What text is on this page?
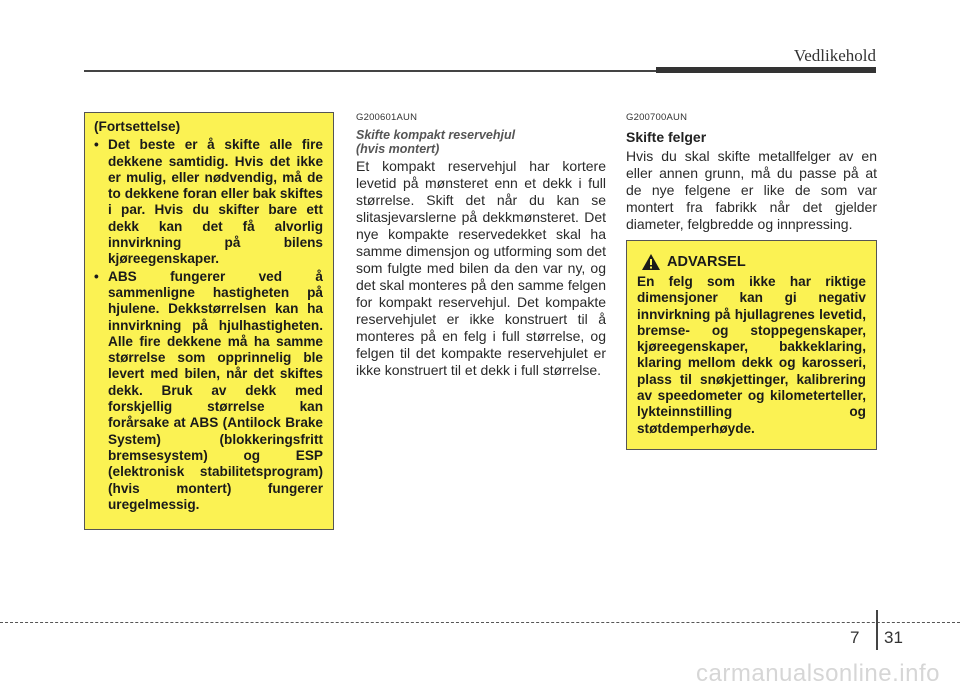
Vedlikehold
(Fortsettelse)
• Det beste er å skifte alle fire dekkene samtidig. Hvis det ikke er mulig, eller nødvendig, må de to dekkene foran eller bak skiftes i par. Hvis du skifter bare ett dekk kan det få alvorlig innvirkning på bilens kjøreegenskaper.
• ABS fungerer ved å sammenligne hastigheten på hjulene. Dekkstørrelsen kan ha innvirkning på hjulhastigheten. Alle fire dekkene må ha samme størrelse som opprinnelig ble levert med bilen, når det skiftes dekk. Bruk av dekk med forskjellig størrelse kan forårsake at ABS (Antilock Brake System) (blokkeringsfritt bremsesystem) og ESP (elektronisk stabilitetsprogram) (hvis montert) fungerer uregelmessig.
G200601AUN
Skifte kompakt reservehjul
(hvis montert)
Et kompakt reservehjul har kortere levetid på mønsteret enn et dekk i full størrelse. Skift det når du kan se slitasjevarslerne på dekkmønsteret. Det nye kompakte reservedekket skal ha samme dimensjon og utforming som det som fulgte med bilen da den var ny, og det skal monteres på den samme felgen for kompakt reservehjul. Det kompakte reservehjulet er ikke konstruert til å monteres på en felg i full størrelse, og felgen til det kompakte reservehjulet er ikke konstruert til et dekk i full størrelse.
G200700AUN
Skifte felger
Hvis du skal skifte metallfelger av en eller annen grunn, må du passe på at de nye felgene er like de som var montert fra fabrikk når det gjelder diameter, felgbredde og innpressing.
ADVARSEL
En felg som ikke har riktige dimensjoner kan gi negativ innvirkning på hjullagrenes levetid, bremse- og stoppegenskaper, kjøreegenskaper, bakkeklaring, klaring mellom dekk og karosseri, plass til snøkjettinger, kalibrering av speedometer og kilometerteller, lykteinnstilling og støtdemperhøyde.
7 31
carmanualsonline.info
